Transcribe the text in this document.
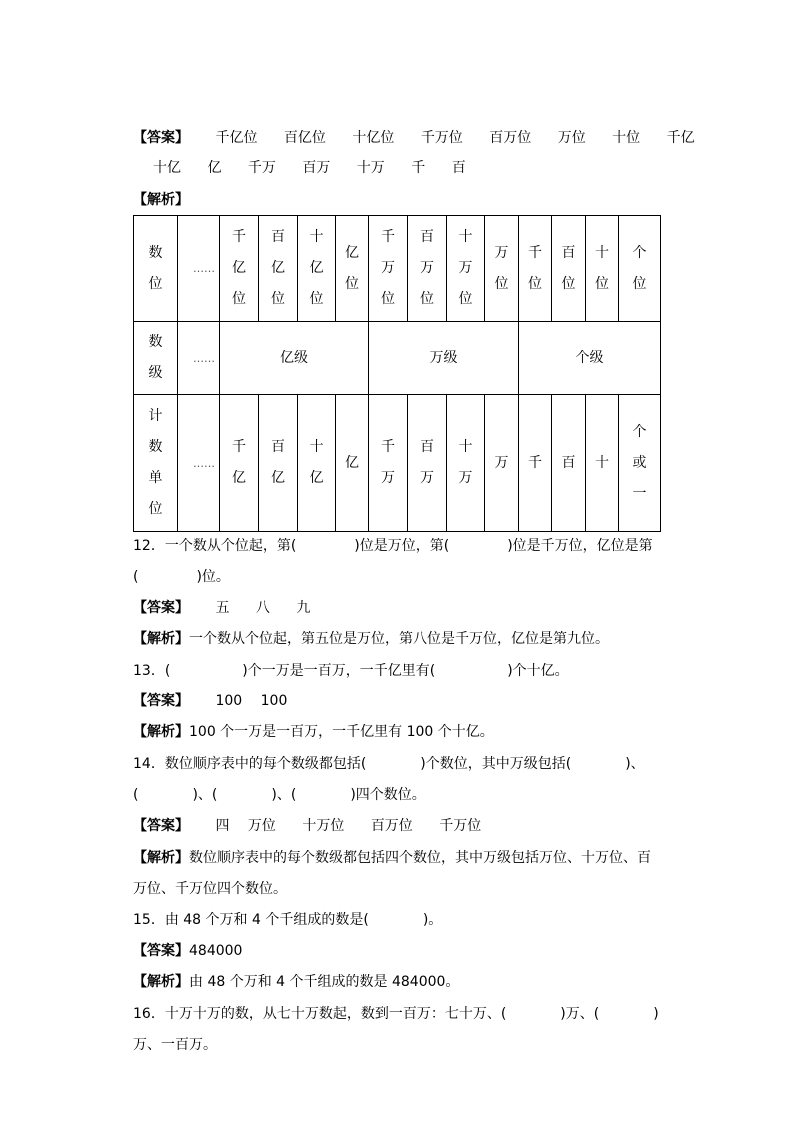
【答案】 千亿位 百亿位 十亿位 千万位 百万位 万位 十位 千亿
十亿 亿 千万 百万 十万 千 百
【解析】
数位	……	千亿位	百亿位	十亿位	亿位	千万位	百万位	十万位	万位	千位	百位	十位	个位
数级	……	亿级				万级				个级			
计数单位	……	千亿	百亿	十亿	亿	千万	百万	十万	万	千	百	十	个或一
12．一个数从个位起，第(	)位是万位，第(	)位是千万位，亿位是第
(	)位。
【答案】 五 八 九
【解析】一个数从个位起，第五位是万位，第八位是千万位，亿位是第九位。
13．(	)个一万是一百万，一千亿里有(	)个十亿。
【答案】 100 100
【解析】100 个一万是一百万，一千亿里有 100 个十亿。
14．数位顺序表中的每个数级都包括(	)个数位，其中万级包括(	)、
(	)、(	)、(	)四个数位。
【答案】 四 万位 十万位 百万位 千万位
【解析】数位顺序表中的每个数级都包括四个数位，其中万级包括万位、十万位、百
万位、千万位四个数位。
15．由 48 个万和 4 个千组成的数是(	)。
【答案】484000
【解析】由 48 个万和 4 个千组成的数是 484000。
16．十万十万的数，从七十万数起，数到一百万：七十万、(	)万、(	)
万、一百万。
